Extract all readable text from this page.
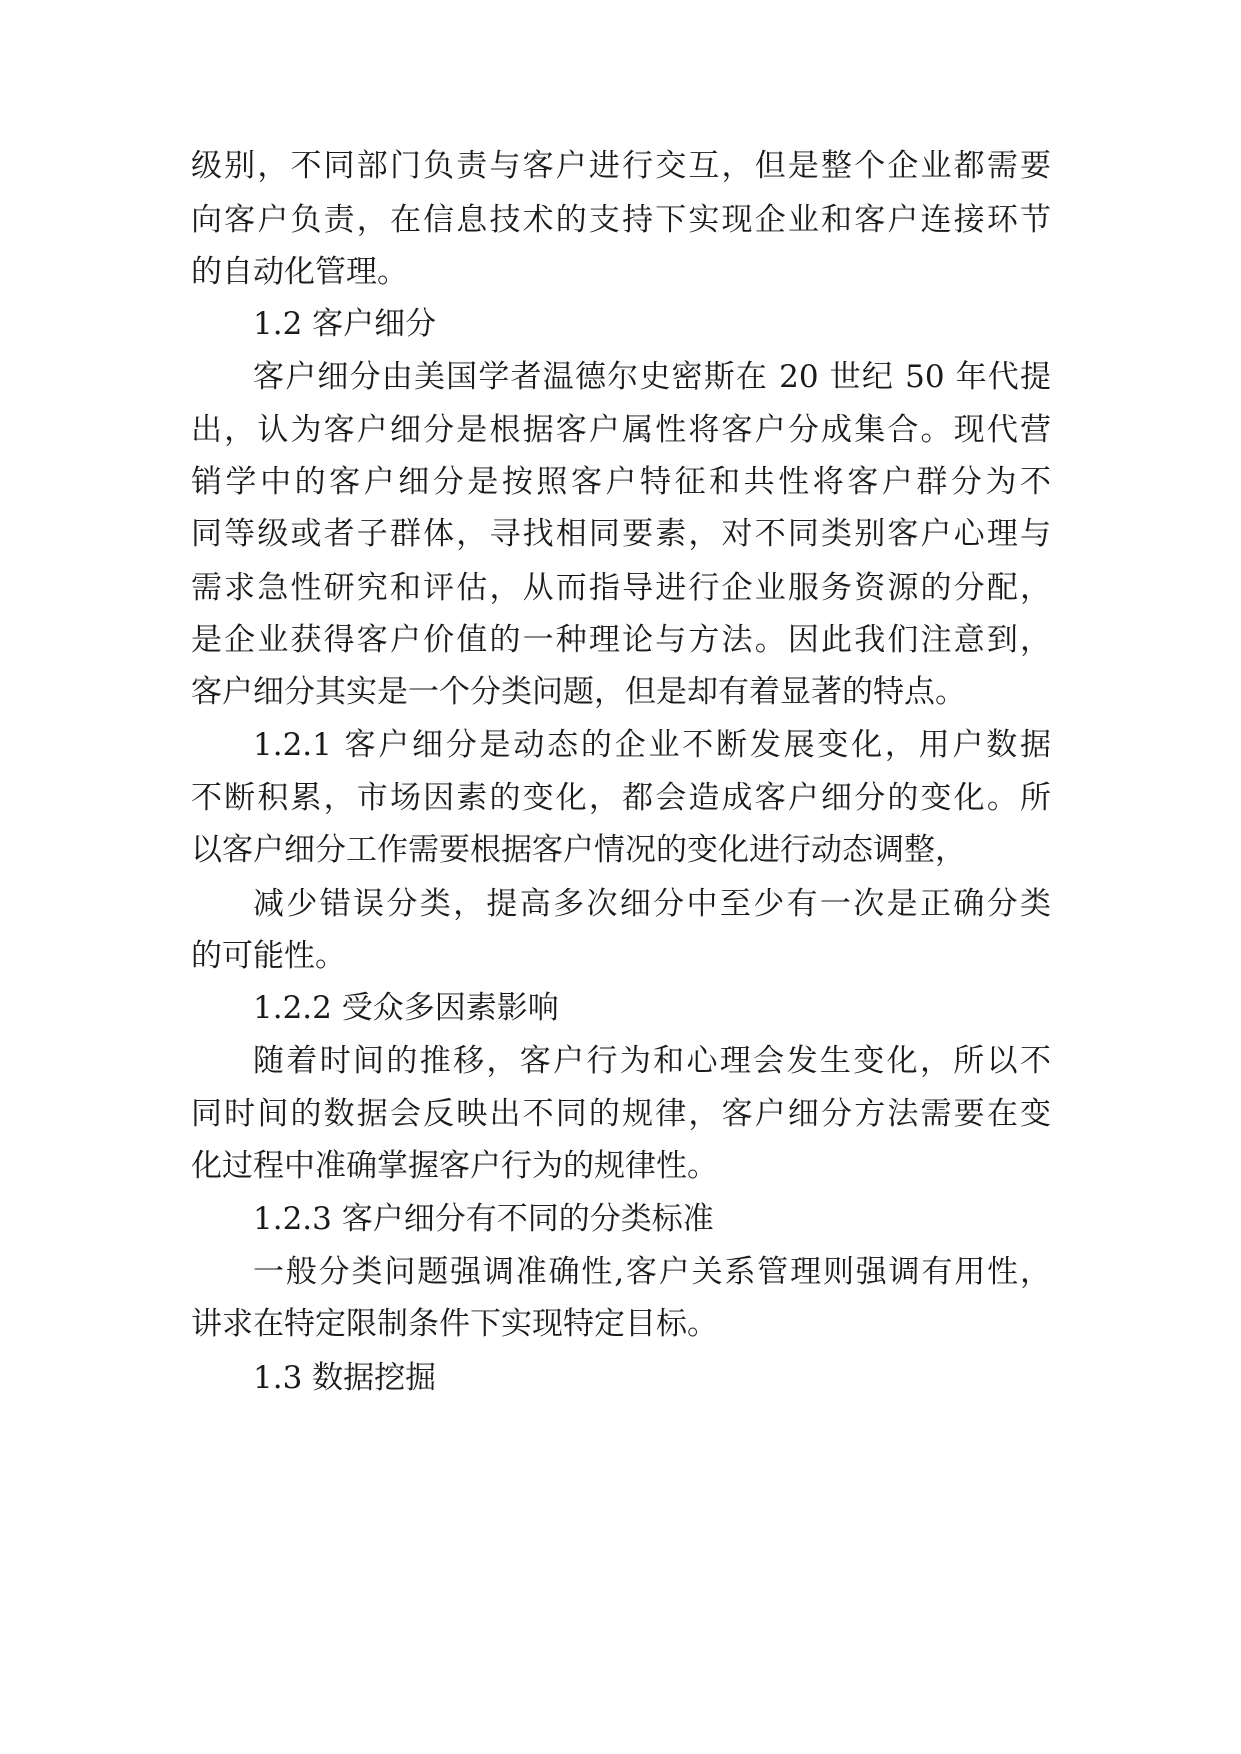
级别，不同部门负责与客户进行交互，但是整个企业都需要

向客户负责，在信息技术的支持下实现企业和客户连接环节

的自动化管理。

1.2 客户细分

客户细分由美国学者温德尔史密斯在 20 世纪 50 年代提

出，认为客户细分是根据客户属性将客户分成集合。现代营

销学中的客户细分是按照客户特征和共性将客户群分为不

同等级或者子群体，寻找相同要素，对不同类别客户心理与

需求急性研究和评估，从而指导进行企业服务资源的分配，

是企业获得客户价值的一种理论与方法。因此我们注意到，

客户细分其实是一个分类问题，但是却有着显著的特点。

1.2.1 客户细分是动态的企业不断发展变化，用户数据

不断积累，市场因素的变化，都会造成客户细分的变化。所

以客户细分工作需要根据客户情况的变化进行动态调整，

减少错误分类，提高多次细分中至少有一次是正确分类

的可能性。

1.2.2 受众多因素影响

随着时间的推移，客户行为和心理会发生变化，所以不

同时间的数据会反映出不同的规律，客户细分方法需要在变

化过程中准确掌握客户行为的规律性。

1.2.3 客户细分有不同的分类标准

一般分类问题强调准确性,客户关系管理则强调有用性，

讲求在特定限制条件下实现特定目标。

1.3 数据挖掘
